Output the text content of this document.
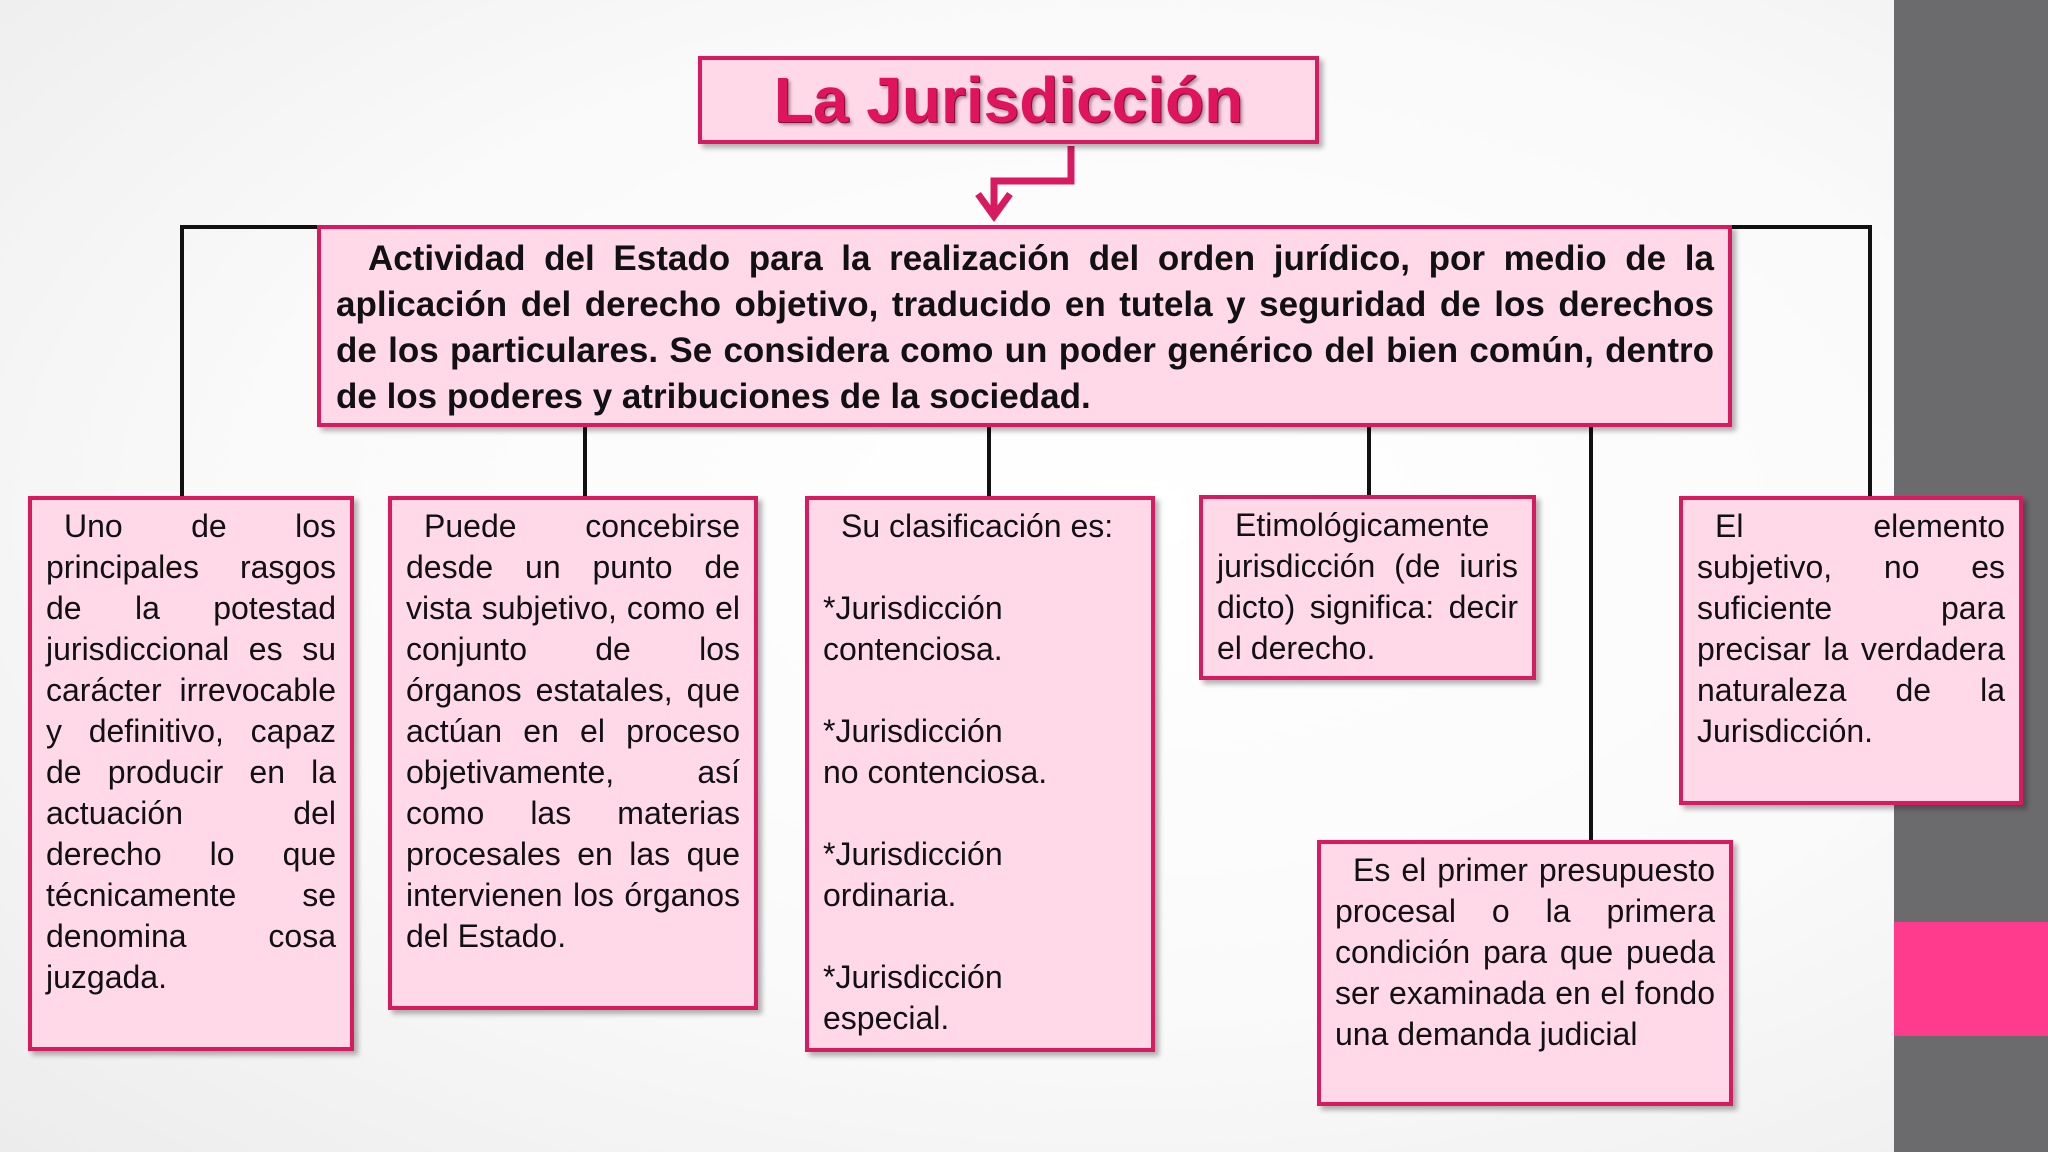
La Jurisdicción
Actividad del Estado para la realización del orden jurídico, por medio de la aplicación del derecho objetivo, traducido en tutela y seguridad de los derechos de los particulares. Se considera como un poder genérico del bien común, dentro de los poderes y atribuciones de la sociedad.
Uno de los principales rasgos de la potestad jurisdiccional es su carácter irrevocable y definitivo, capaz de producir en la actuación del derecho lo que técnicamente se denomina cosa juzgada.
Puede concebirse desde un punto de vista subjetivo, como el conjunto de los órganos estatales, que actúan en el proceso objetivamente, así como las materias procesales en las que intervienen los órganos del Estado.

Su clasificación es:

*Jurisdicción

contenciosa.

*Jurisdicción

no contenciosa.

*Jurisdicción

ordinaria.

*Jurisdicción

especial.

Etimológicamente jurisdicción (de iuris dicto) significa: decir el derecho.
El elemento subjetivo, no es suficiente para precisar la verdadera naturaleza de la Jurisdicción.
Es el primer presupuesto procesal o la primera condición para que pueda ser examinada en el fondo una demanda judicial
